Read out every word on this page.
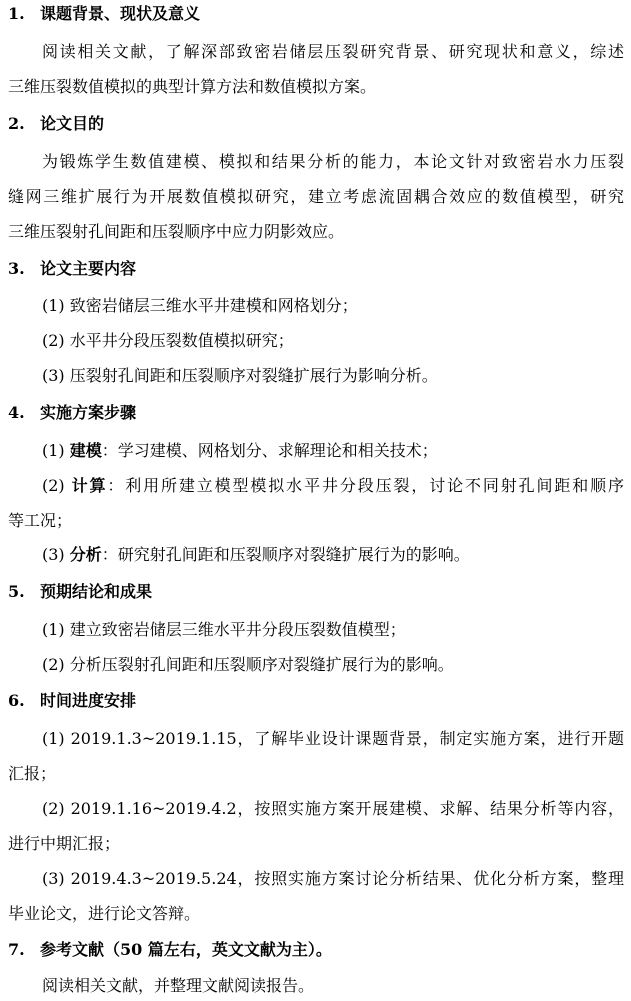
1. 课题背景、现状及意义
阅读相关文献，了解深部致密岩储层压裂研究背景、研究现状和意义，综述
三维压裂数值模拟的典型计算方法和数值模拟方案。
2. 论文目的
为锻炼学生数值建模、模拟和结果分析的能力，本论文针对致密岩水力压裂
缝网三维扩展行为开展数值模拟研究，建立考虑流固耦合效应的数值模型，研究
三维压裂射孔间距和压裂顺序中应力阴影效应。
3. 论文主要内容
(1) 致密岩储层三维水平井建模和网格划分；
(2) 水平井分段压裂数值模拟研究；
(3) 压裂射孔间距和压裂顺序对裂缝扩展行为影响分析。
4. 实施方案步骤
(1) 建模：学习建模、网格划分、求解理论和相关技术；
(2) 计算：利用所建立模型模拟水平井分段压裂，讨论不同射孔间距和顺序
等工况；
(3) 分析：研究射孔间距和压裂顺序对裂缝扩展行为的影响。
5. 预期结论和成果
(1) 建立致密岩储层三维水平井分段压裂数值模型；
(2) 分析压裂射孔间距和压裂顺序对裂缝扩展行为的影响。
6. 时间进度安排
(1) 2019.1.3~2019.1.15，了解毕业设计课题背景，制定实施方案，进行开题
汇报；
(2) 2019.1.16~2019.4.2，按照实施方案开展建模、求解、结果分析等内容，
进行中期汇报；
(3) 2019.4.3~2019.5.24，按照实施方案讨论分析结果、优化分析方案，整理
毕业论文，进行论文答辩。
7. 参考文献（50 篇左右，英文文献为主）。
阅读相关文献，并整理文献阅读报告。
